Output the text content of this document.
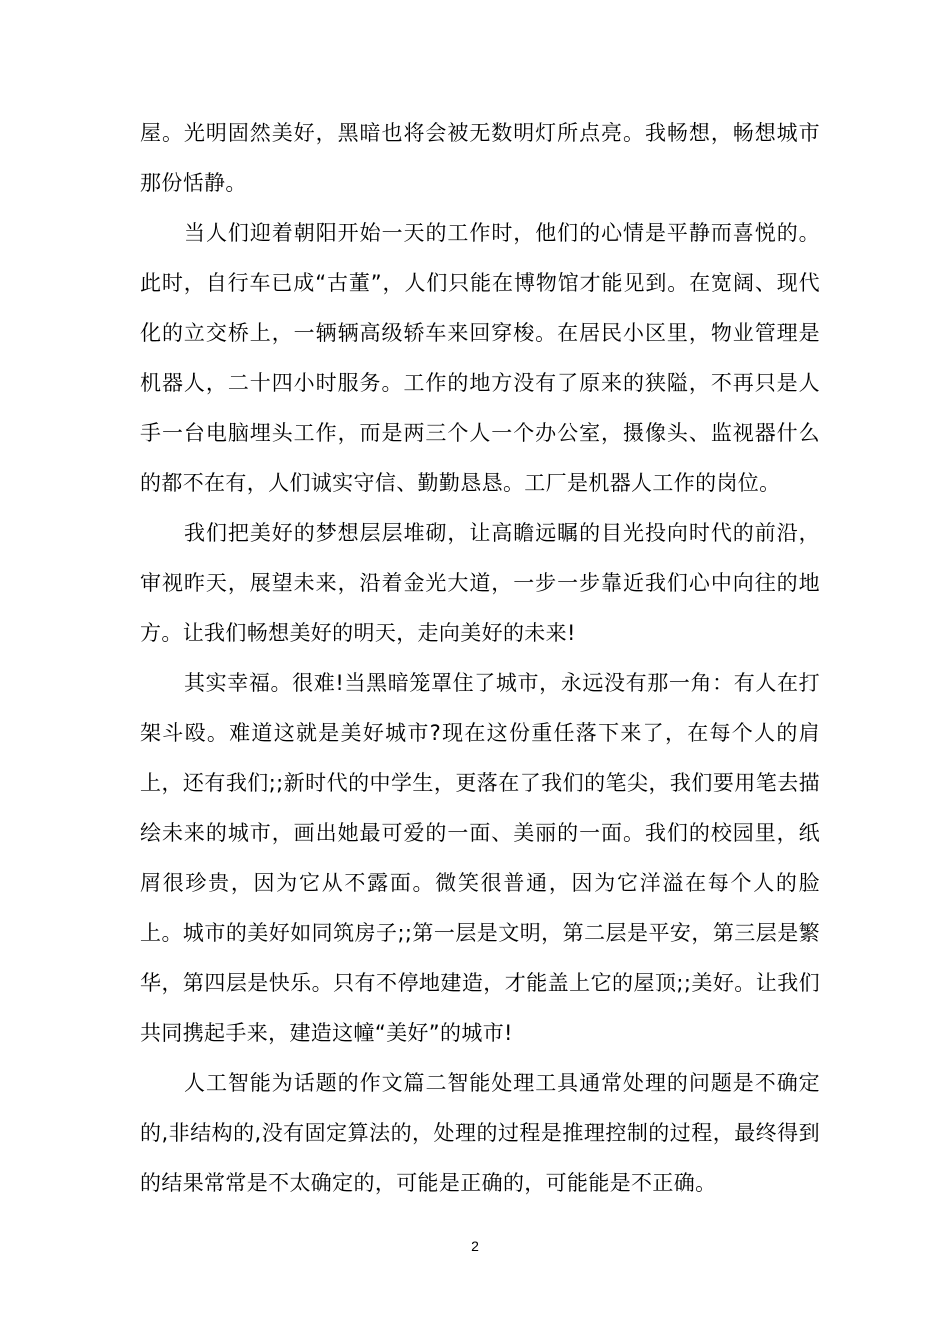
屋。光明固然美好，黑暗也将会被无数明灯所点亮。我畅想，畅想城市那份恬静。

当人们迎着朝阳开始一天的工作时，他们的心情是平静而喜悦的。此时，自行车已成“古董”，人们只能在博物馆才能见到。在宽阔、现代化的立交桥上，一辆辆高级轿车来回穿梭。在居民小区里，物业管理是机器人，二十四小时服务。工作的地方没有了原来的狭隘，不再只是人手一台电脑埋头工作，而是两三个人一个办公室，摄像头、监视器什么的都不在有，人们诚实守信、勤勤恳恳。工厂是机器人工作的岗位。

我们把美好的梦想层层堆砌，让高瞻远瞩的目光投向时代的前沿，审视昨天，展望未来，沿着金光大道，一步一步靠近我们心中向往的地方。让我们畅想美好的明天，走向美好的未来!

其实幸福。很难!当黑暗笼罩住了城市，永远没有那一角：有人在打架斗殴。难道这就是美好城市?现在这份重任落下来了，在每个人的肩上，还有我们;;新时代的中学生，更落在了我们的笔尖，我们要用笔去描绘未来的城市，画出她最可爱的一面、美丽的一面。我们的校园里，纸屑很珍贵，因为它从不露面。微笑很普通，因为它洋溢在每个人的脸上。城市的美好如同筑房子;;第一层是文明，第二层是平安，第三层是繁华，第四层是快乐。只有不停地建造，才能盖上它的屋顶;;美好。让我们共同携起手来，建造这幢“美好”的城市!

人工智能为话题的作文篇二智能处理工具通常处理的问题是不确定的,非结构的,没有固定算法的，处理的过程是推理控制的过程，最终得到的结果常常是不太确定的，可能是正确的，可能能是不正确。

2
